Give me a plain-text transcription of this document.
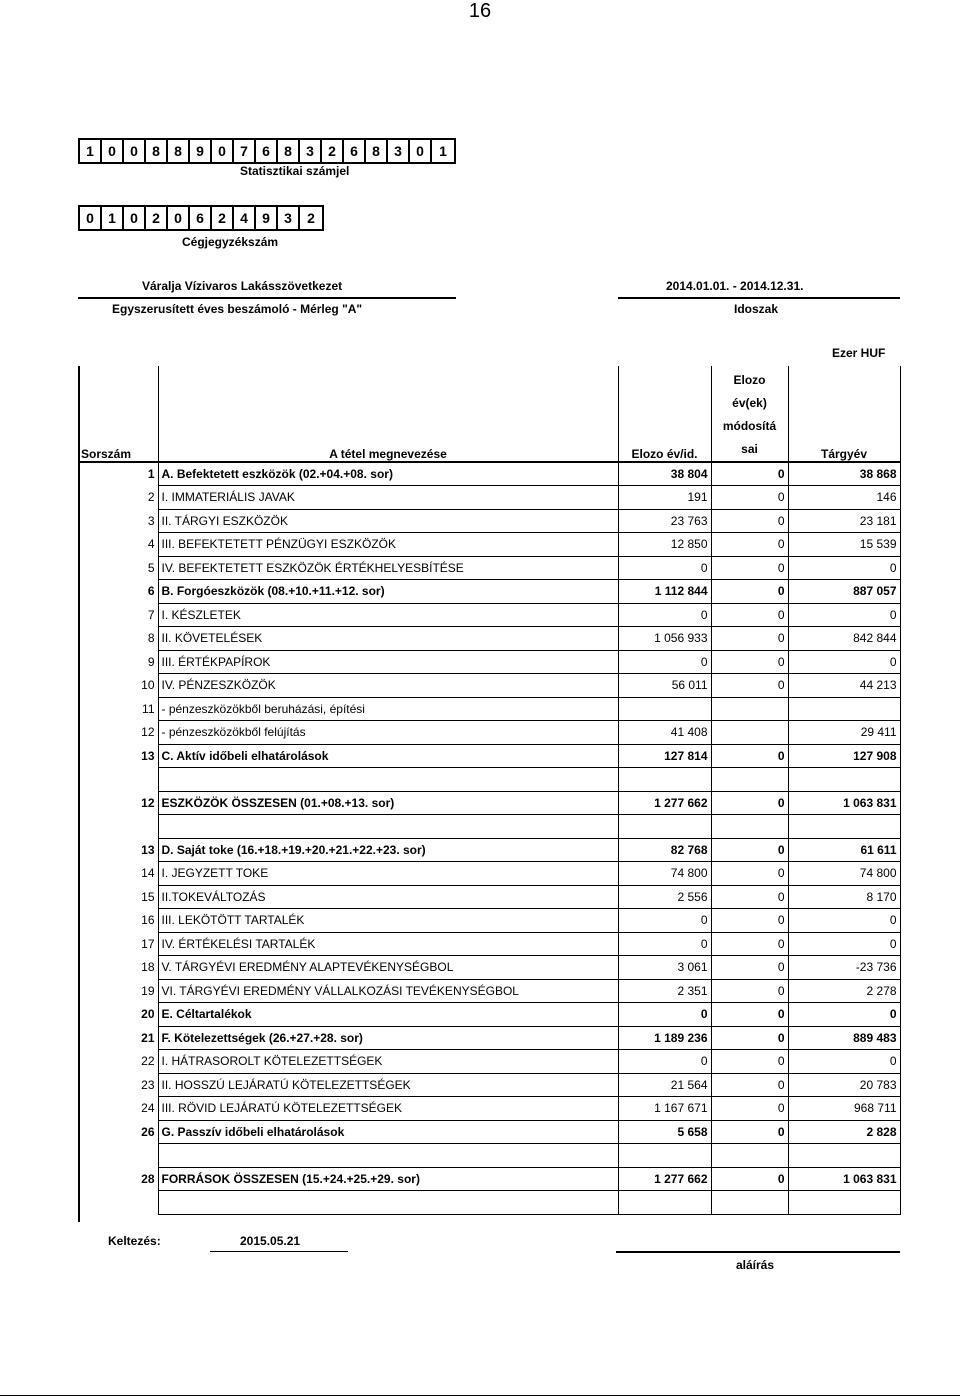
16
1	0	0	8	8	9	0	7	6	8	3	2	6	8	3	0	1
Statisztikai számjel
0	1	0	2	0	6	2	4	9	3	2
Cégjegyzékszám
Váralja Vízivaros Lakásszövetkezet
Egyszerusített éves beszámoló - Mérleg "A"
2014.01.01. - 2014.12.31.
Idoszak
Ezer HUF
Sorszám	A tétel megnevezése	Elozo év/id.	Elozo év(ek) módosítá sai	Tárgyév
1	A. Befektetett eszközök (02.+04.+08. sor)	38 804	0	38 868
2	I. IMMATERIÁLIS JAVAK	191	0	146
3	II. TÁRGYI ESZKÖZÖK	23 763	0	23 181
4	III. BEFEKTETETT PÉNZÜGYI ESZKÖZÖK	12 850	0	15 539
5	IV. BEFEKTETETT ESZKÖZÖK ÉRTÉKHELYESBÍTÉSE	0	0	0
6	B. Forgóeszközök (08.+10.+11.+12. sor)	1 112 844	0	887 057
7	I. KÉSZLETEK	0	0	0
8	II. KÖVETELÉSEK	1 056 933	0	842 844
9	III. ÉRTÉKPAPÍROK	0	0	0
10	IV. PÉNZESZKÖZÖK	56 011	0	44 213
11	- pénzeszközökből beruházási, építési			
12	- pénzeszközökből felújítás	41 408		29 411
13	C. Aktív időbeli elhatárolások	127 814	0	127 908

12	ESZKÖZÖK ÖSSZESEN (01.+08.+13. sor)	1 277 662	0	1 063 831

13	D. Saját toke (16.+18.+19.+20.+21.+22.+23. sor)	82 768	0	61 611
14	I. JEGYZETT TOKE	74 800	0	74 800
15	II.TOKEVÁLTOZÁS	2 556	0	8 170
16	III. LEKÖTÖTT TARTALÉK	0	0	0
17	IV. ÉRTÉKELÉSI TARTALÉK	0	0	0
18	V. TÁRGYÉVI EREDMÉNY ALAPTEVÉKENYSÉGBOL	3 061	0	-23 736
19	VI. TÁRGYÉVI EREDMÉNY VÁLLALKOZÁSI TEVÉKENYSÉGBOL	2 351	0	2 278
20	E. Céltartalékok	0	0	0
21	F. Kötelezettségek (26.+27.+28. sor)	1 189 236	0	889 483
22	I. HÁTRASOROLT KÖTELEZETTSÉGEK	0	0	0
23	II. HOSSZÚ LEJÁRATÚ KÖTELEZETTSÉGEK	21 564	0	20 783
24	III. RÖVID LEJÁRATÚ KÖTELEZETTSÉGEK	1 167 671	0	968 711
26	G. Passzív időbeli elhatárolások	5 658	0	2 828

28	FORRÁSOK ÖSSZESEN (15.+24.+25.+29. sor)	1 277 662	0	1 063 831

Keltezés:	2015.05.21
aláírás
